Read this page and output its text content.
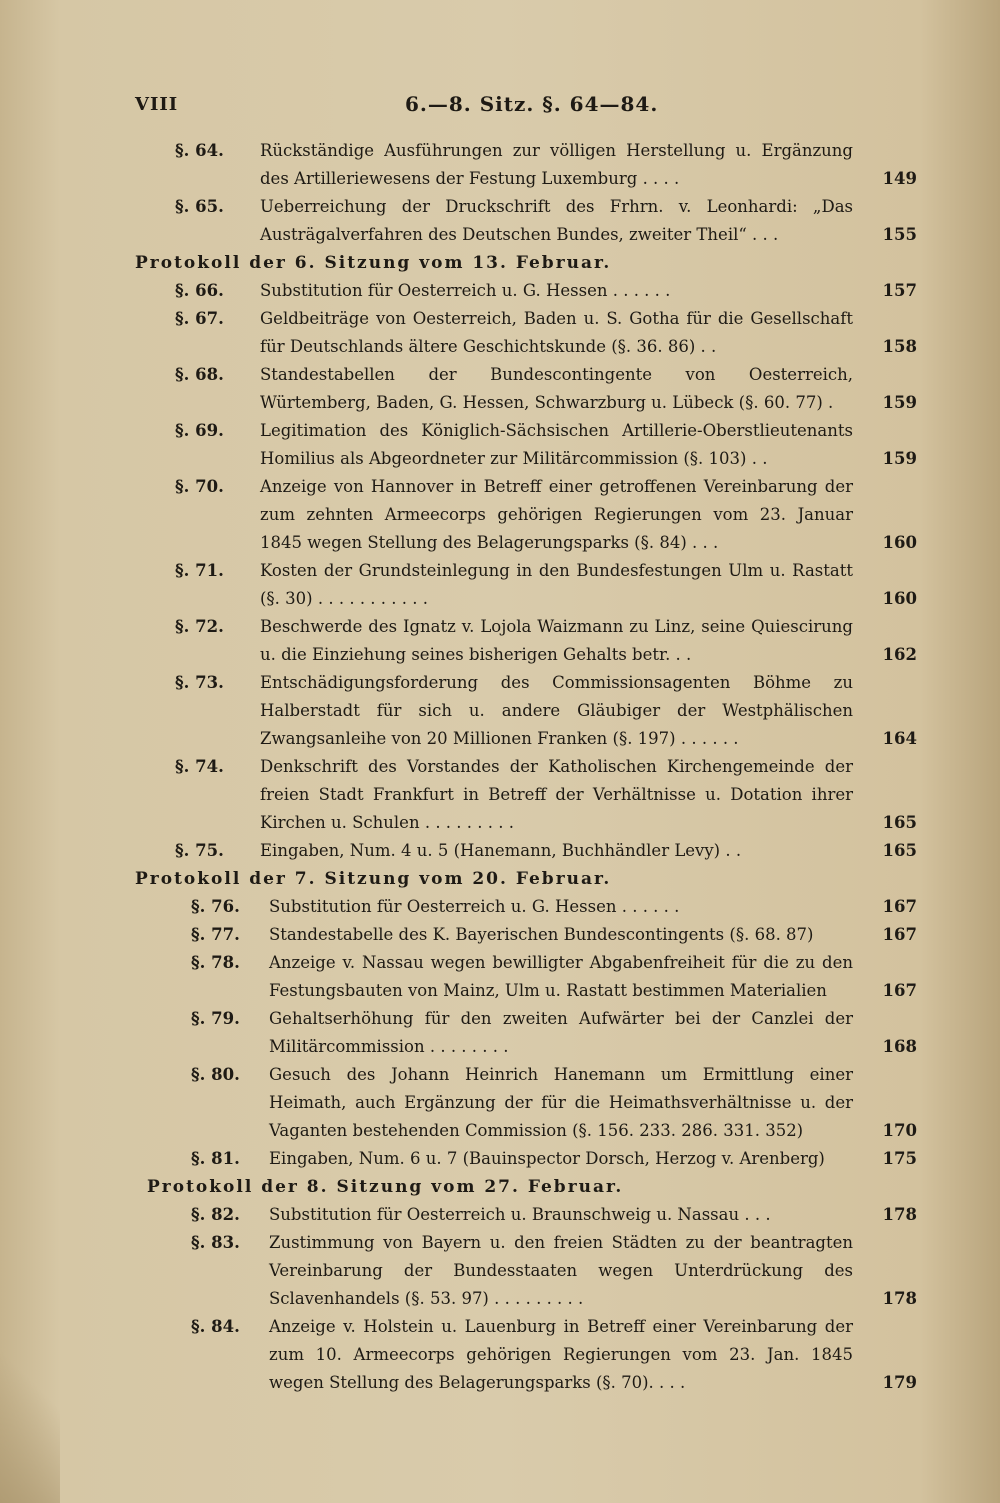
VIII	6.—8. Sitz. §. 64—84.
§. 64.	Rückständige Ausführungen zur völligen Herstellung u. Ergänzung des Artilleriewesens der Festung Luxemburg . . . .	149
§. 65.	Ueberreichung der Druckschrift des Frhrn. v. Leonhardi: „Das Austrägalverfahren des Deutschen Bundes, zweiter Theil“ . . .	155
Protokoll der 6. Sitzung vom 13. Februar.
§. 66.	Substitution für Oesterreich u. G. Hessen . . . . . .	157
§. 67.	Geldbeiträge von Oesterreich, Baden u. S. Gotha für die Gesellschaft für Deutschlands ältere Geschichtskunde (§. 36. 86) . .	158
§. 68.	Standestabellen der Bundescontingente von Oesterreich, Würtemberg, Baden, G. Hessen, Schwarzburg u. Lübeck (§. 60. 77) .	159
§. 69.	Legitimation des Königlich-Sächsischen Artillerie-Oberstlieutenants Homilius als Abgeordneter zur Militärcommission (§. 103) . .	159
§. 70.	Anzeige von Hannover in Betreff einer getroffenen Vereinbarung der zum zehnten Armeecorps gehörigen Regierungen vom 23. Januar 1845 wegen Stellung des Belagerungsparks (§. 84) . . .	160
§. 71.	Kosten der Grundsteinlegung in den Bundesfestungen Ulm u. Rastatt (§. 30) . . . . . . . . . . .	160
§. 72.	Beschwerde des Ignatz v. Lojola Waizmann zu Linz, seine Quiescirung u. die Einziehung seines bisherigen Gehalts betr. . .	162
§. 73.	Entschädigungsforderung des Commissionsagenten Böhme zu Halberstadt für sich u. andere Gläubiger der Westphälischen Zwangsanleihe von 20 Millionen Franken (§. 197) . . . . . .	164
§. 74.	Denkschrift des Vorstandes der Katholischen Kirchengemeinde der freien Stadt Frankfurt in Betreff der Verhältnisse u. Dotation ihrer Kirchen u. Schulen . . . . . . . . .	165
§. 75.	Eingaben, Num. 4 u. 5 (Hanemann, Buchhändler Levy) . .	165
Protokoll der 7. Sitzung vom 20. Februar.
§. 76.	Substitution für Oesterreich u. G. Hessen . . . . . .	167
§. 77.	Standestabelle des K. Bayerischen Bundescontingents (§. 68. 87)	167
§. 78.	Anzeige v. Nassau wegen bewilligter Abgabenfreiheit für die zu den Festungsbauten von Mainz, Ulm u. Rastatt bestimmen Materialien	167
§. 79.	Gehaltserhöhung für den zweiten Aufwärter bei der Canzlei der Militärcommission . . . . . . . .	168
§. 80.	Gesuch des Johann Heinrich Hanemann um Ermittlung einer Heimath, auch Ergänzung der für die Heimathsverhältnisse u. der Vaganten bestehenden Commission (§. 156. 233. 286. 331. 352)	170
§. 81.	Eingaben, Num. 6 u. 7 (Bauinspector Dorsch, Herzog v. Arenberg)	175
Protokoll der 8. Sitzung vom 27. Februar.
§. 82.	Substitution für Oesterreich u. Braunschweig u. Nassau . . .	178
§. 83.	Zustimmung von Bayern u. den freien Städten zu der beantragten Vereinbarung der Bundesstaaten wegen Unterdrückung des Sclavenhandels (§. 53. 97) . . . . . . . . .	178
§. 84.	Anzeige v. Holstein u. Lauenburg in Betreff einer Vereinbarung der zum 10. Armeecorps gehörigen Regierungen vom 23. Jan. 1845 wegen Stellung des Belagerungsparks (§. 70). . . .	179
